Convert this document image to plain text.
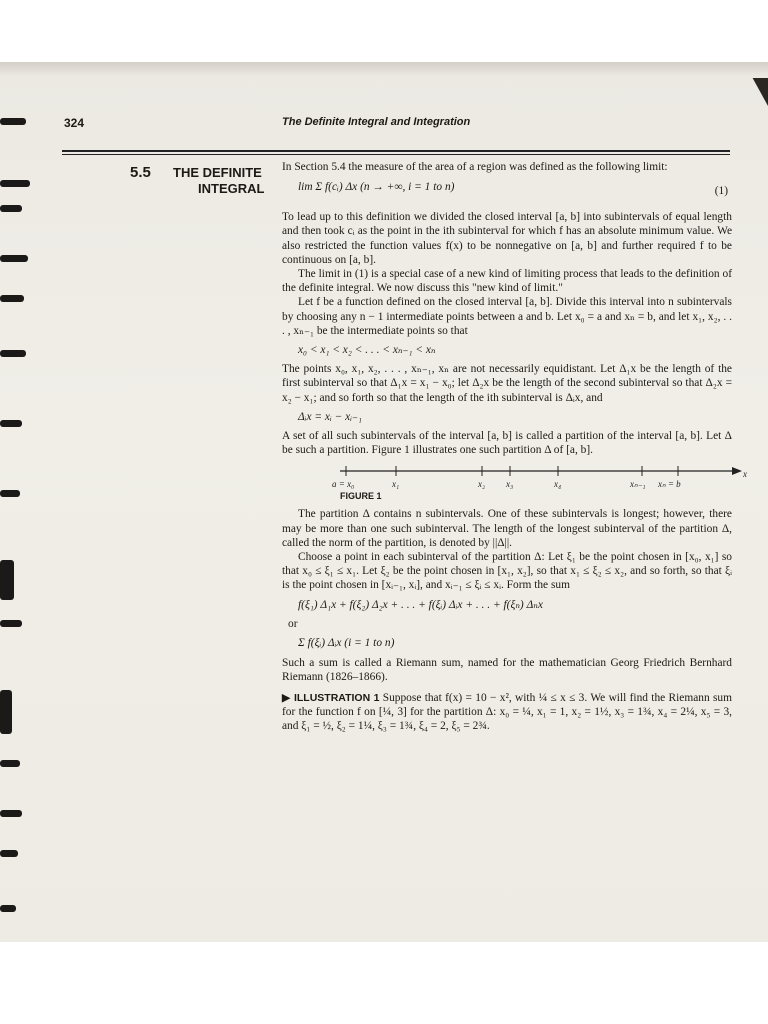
324	The Definite Integral and Integration
5.5 THE DEFINITE
INTEGRAL

In Section 5.4 the measure of the area of a region was defined as the following limit:

lim Σ f(cᵢ) Δx (n → +∞, i = 1 to n)	(1)

To lead up to this definition we divided the closed interval [a, b] into subintervals of equal length and then took cᵢ as the point in the ith subinterval for which f has an absolute minimum value. We also restricted the function values f(x) to be nonnegative on [a, b] and further required f to be continuous on [a, b].

The limit in (1) is a special case of a new kind of limiting process that leads to the definition of the definite integral. We now discuss this "new kind of limit."

Let f be a function defined on the closed interval [a, b]. Divide this interval into n subintervals by choosing any n − 1 intermediate points between a and b. Let x₀ = a and xₙ = b, and let x₁, x₂, . . . , xₙ₋₁ be the intermediate points so that

x₀ < x₁ < x₂ < . . . < xₙ₋₁ < xₙ

The points x₀, x₁, x₂, . . . , xₙ₋₁, xₙ are not necessarily equidistant. Let Δ₁x be the length of the first subinterval so that Δ₁x = x₁ − x₀; let Δ₂x be the length of the second subinterval so that Δ₂x = x₂ − x₁; and so forth so that the length of the ith subinterval is Δᵢx, and

Δᵢx = xᵢ − xᵢ₋₁

A set of all such subintervals of the interval [a, b] is called a partition of the interval [a, b]. Let Δ be such a partition. Figure 1 illustrates one such partition Δ of [a, b].

a = x₀	x₁	x₂ x₃	x₄	xₙ₋₁ xₙ = b
x
FIGURE 1

The partition Δ contains n subintervals. One of these subintervals is longest; however, there may be more than one such subinterval. The length of the longest subinterval of the partition Δ, called the norm of the partition, is denoted by ||Δ||.

Choose a point in each subinterval of the partition Δ: Let ξ₁ be the point chosen in [x₀, x₁] so that x₀ ≤ ξ₁ ≤ x₁. Let ξ₂ be the point chosen in [x₁, x₂], so that x₁ ≤ ξ₂ ≤ x₂, and so forth, so that ξᵢ is the point chosen in [xᵢ₋₁, xᵢ], and xᵢ₋₁ ≤ ξᵢ ≤ xᵢ. Form the sum

f(ξ₁) Δ₁x + f(ξ₂) Δ₂x + . . . + f(ξᵢ) Δᵢx + . . . + f(ξₙ) Δₙx

or

Σ f(ξᵢ) Δᵢx (i = 1 to n)

Such a sum is called a Riemann sum, named for the mathematician Georg Friedrich Bernhard Riemann (1826–1866).

▶ ILLUSTRATION 1 Suppose that f(x) = 10 − x², with ¼ ≤ x ≤ 3. We will find the Riemann sum for the function f on [¼, 3] for the partition Δ: x₀ = ¼, x₁ = 1, x₂ = 1½, x₃ = 1¾, x₄ = 2¼, x₅ = 3, and ξ₁ = ½, ξ₂ = 1¼, ξ₃ = 1¾, ξ₄ = 2, ξ₅ = 2¾.
